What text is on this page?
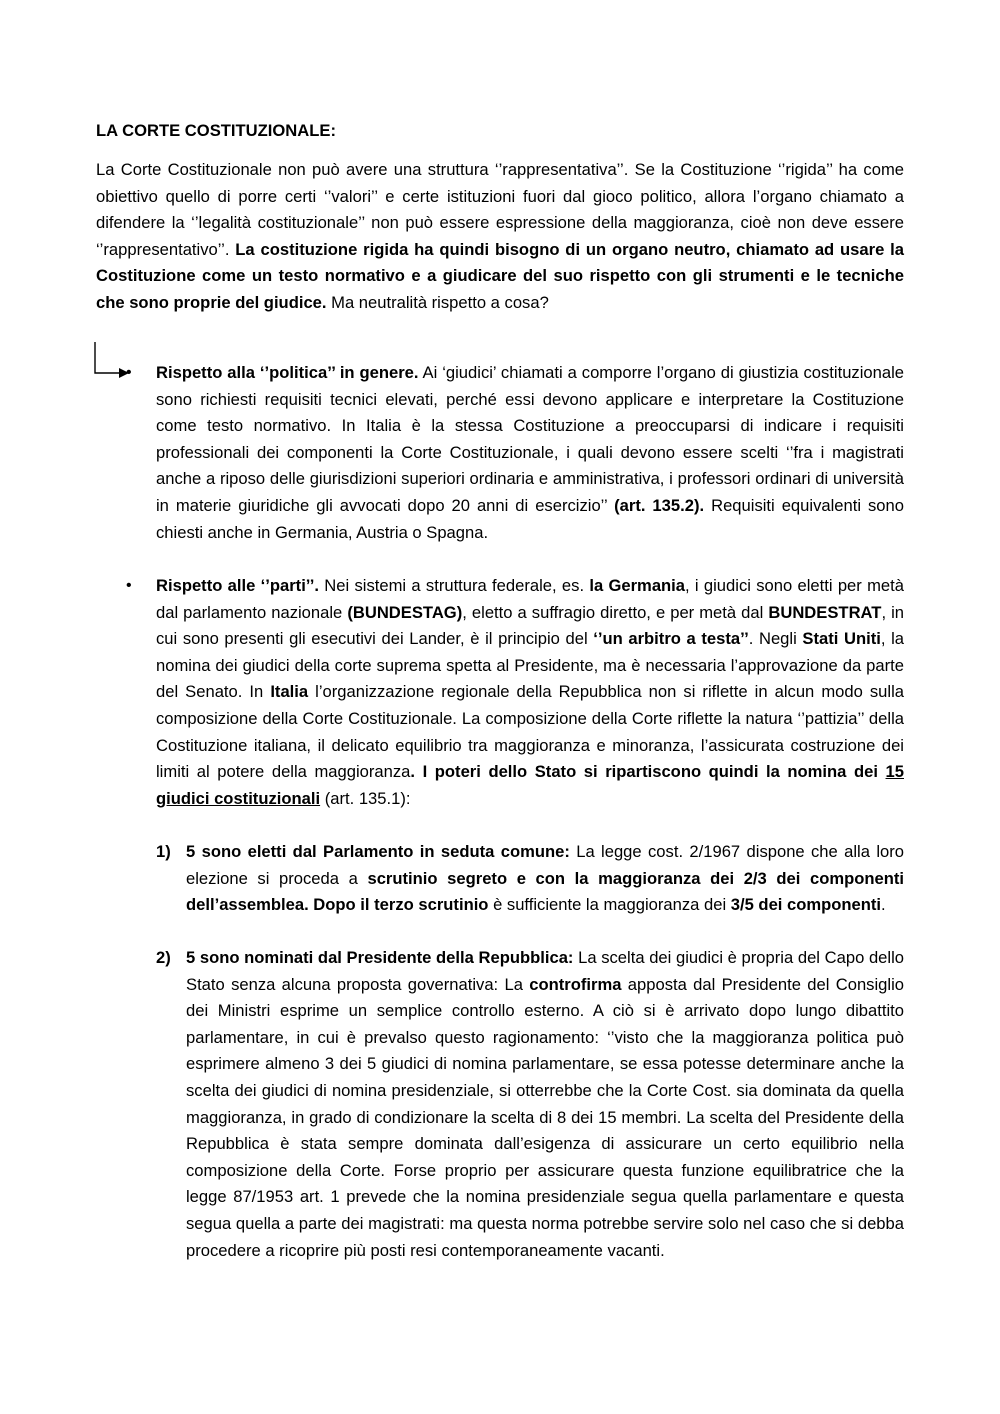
LA CORTE COSTITUZIONALE:

La Corte Costituzionale non può avere una struttura ‘’rappresentativa’’. Se la Costituzione ‘’rigida’’ ha come obiettivo quello di porre certi ‘’valori’’ e certe istituzioni fuori dal gioco politico, allora l’organo chiamato a difendere la ‘’legalità costituzionale’’ non può essere espressione della maggioranza, cioè non deve essere ‘’rappresentativo’’. La costituzione rigida ha quindi bisogno di un organo neutro, chiamato ad usare la Costituzione come un testo normativo e a giudicare del suo rispetto con gli strumenti e le tecniche che sono proprie del giudice. Ma neutralità rispetto a cosa?

• Rispetto alla ‘’politica’’ in genere. Ai ‘giudici’ chiamati a comporre l’organo di giustizia costituzionale sono richiesti requisiti tecnici elevati, perché essi devono applicare e interpretare la Costituzione come testo normativo. In Italia è la stessa Costituzione a preoccuparsi di indicare i requisiti professionali dei componenti la Corte Costituzionale, i quali devono essere scelti ‘’fra i magistrati anche a riposo delle giurisdizioni superiori ordinaria e amministrativa, i professori ordinari di università in materie giuridiche gli avvocati dopo 20 anni di esercizio’’ (art. 135.2). Requisiti equivalenti sono chiesti anche in Germania, Austria o Spagna.

• Rispetto alle ‘’parti’’. Nei sistemi a struttura federale, es. la Germania, i giudici sono eletti per metà dal parlamento nazionale (BUNDESTAG), eletto a suffragio diretto, e per metà dal BUNDESTRAT, in cui sono presenti gli esecutivi dei Lander, è il principio del ‘’un arbitro a testa’’. Negli Stati Uniti, la nomina dei giudici della corte suprema spetta al Presidente, ma è necessaria l’approvazione da parte del Senato. In Italia l’organizzazione regionale della Repubblica non si riflette in alcun modo sulla composizione della Corte Costituzionale. La composizione della Corte riflette la natura ‘’pattizia’’ della Costituzione italiana, il delicato equilibrio tra maggioranza e minoranza, l’assicurata costruzione dei limiti al potere della maggioranza. I poteri dello Stato si ripartiscono quindi la nomina dei 15 giudici costituzionali (art. 135.1):

1) 5 sono eletti dal Parlamento in seduta comune: La legge cost. 2/1967 dispone che alla loro elezione si proceda a scrutinio segreto e con la maggioranza dei 2/3 dei componenti dell’assemblea. Dopo il terzo scrutinio è sufficiente la maggioranza dei 3/5 dei componenti.

2) 5 sono nominati dal Presidente della Repubblica: La scelta dei giudici è propria del Capo dello Stato senza alcuna proposta governativa: La controfirma apposta dal Presidente del Consiglio dei Ministri esprime un semplice controllo esterno. A ciò si è arrivato dopo lungo dibattito parlamentare, in cui è prevalso questo ragionamento: ‘’visto che la maggioranza politica può esprimere almeno 3 dei 5 giudici di nomina parlamentare, se essa potesse determinare anche la scelta dei giudici di nomina presidenziale, si otterrebbe che la Corte Cost. sia dominata da quella maggioranza, in grado di condizionare la scelta di 8 dei 15 membri. La scelta del Presidente della Repubblica è stata sempre dominata dall’esigenza di assicurare un certo equilibrio nella composizione della Corte. Forse proprio per assicurare questa funzione equilibratrice che la legge 87/1953 art. 1 prevede che la nomina presidenziale segua quella parlamentare e questa segua quella a parte dei magistrati: ma questa norma potrebbe servire solo nel caso che si debba procedere a ricoprire più posti resi contemporaneamente vacanti.
